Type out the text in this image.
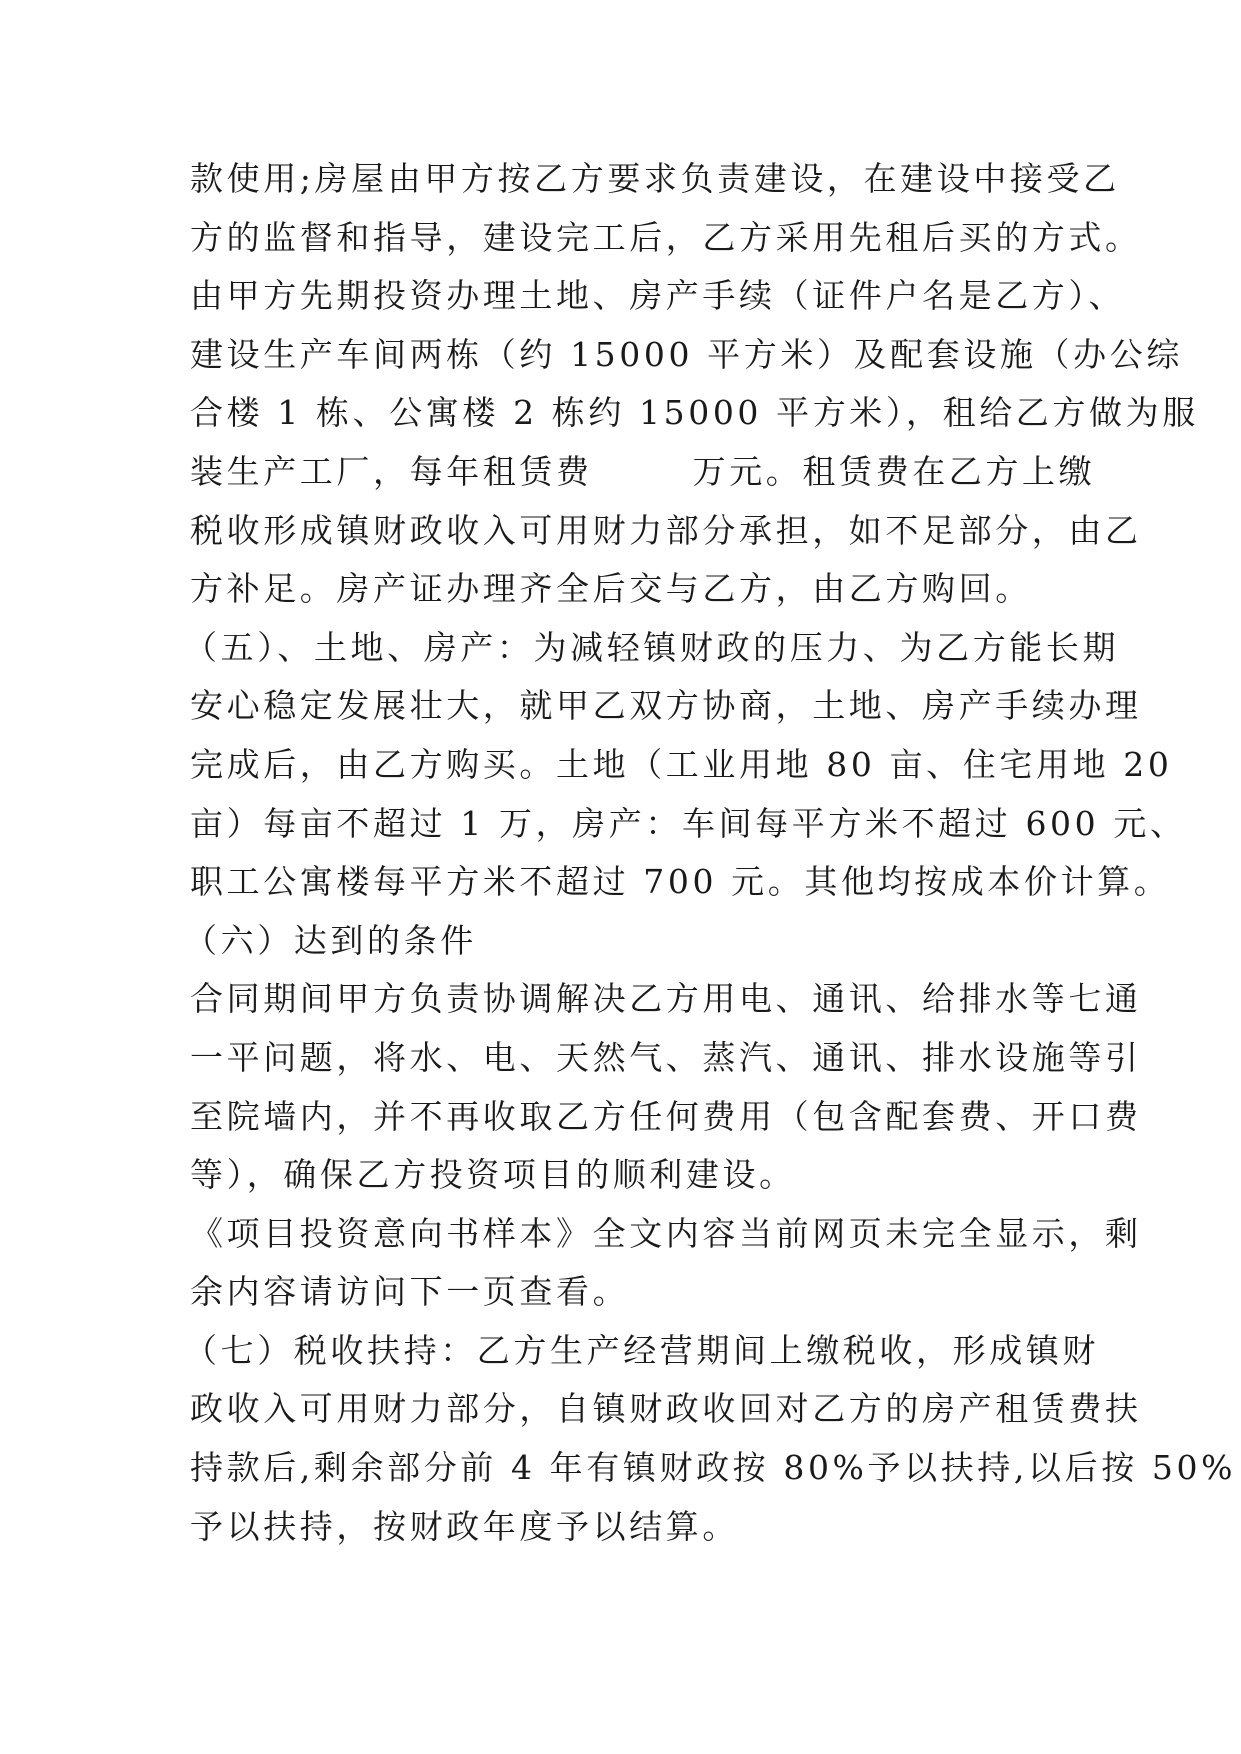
款使用;房屋由甲方按乙方要求负责建设，在建设中接受乙
方的监督和指导，建设完工后，乙方采用先租后买的方式。
由甲方先期投资办理土地、房产手续（证件户名是乙方）、
建设生产车间两栋（约 15000 平方米）及配套设施（办公综
合楼 1 栋、公寓楼 2 栋约 15000 平方米），租给乙方做为服
装生产工厂，每年租赁费	万元。租赁费在乙方上缴
税收形成镇财政收入可用财力部分承担，如不足部分，由乙
方补足。房产证办理齐全后交与乙方，由乙方购回。
（五）、土地、房产：为减轻镇财政的压力、为乙方能长期
安心稳定发展壮大，就甲乙双方协商，土地、房产手续办理
完成后，由乙方购买。土地（工业用地 80 亩、住宅用地 20
亩）每亩不超过 1 万，房产：车间每平方米不超过 600 元、
职工公寓楼每平方米不超过 700 元。其他均按成本价计算。
（六）达到的条件
合同期间甲方负责协调解决乙方用电、通讯、给排水等七通
一平问题，将水、电、天然气、蒸汽、通讯、排水设施等引
至院墙内，并不再收取乙方任何费用（包含配套费、开口费
等），确保乙方投资项目的顺利建设。
《项目投资意向书样本》全文内容当前网页未完全显示，剩
余内容请访问下一页查看。
（七）税收扶持：乙方生产经营期间上缴税收，形成镇财
政收入可用财力部分，自镇财政收回对乙方的房产租赁费扶
持款后,剩余部分前 4 年有镇财政按 80%予以扶持,以后按 50%
予以扶持，按财政年度予以结算。
